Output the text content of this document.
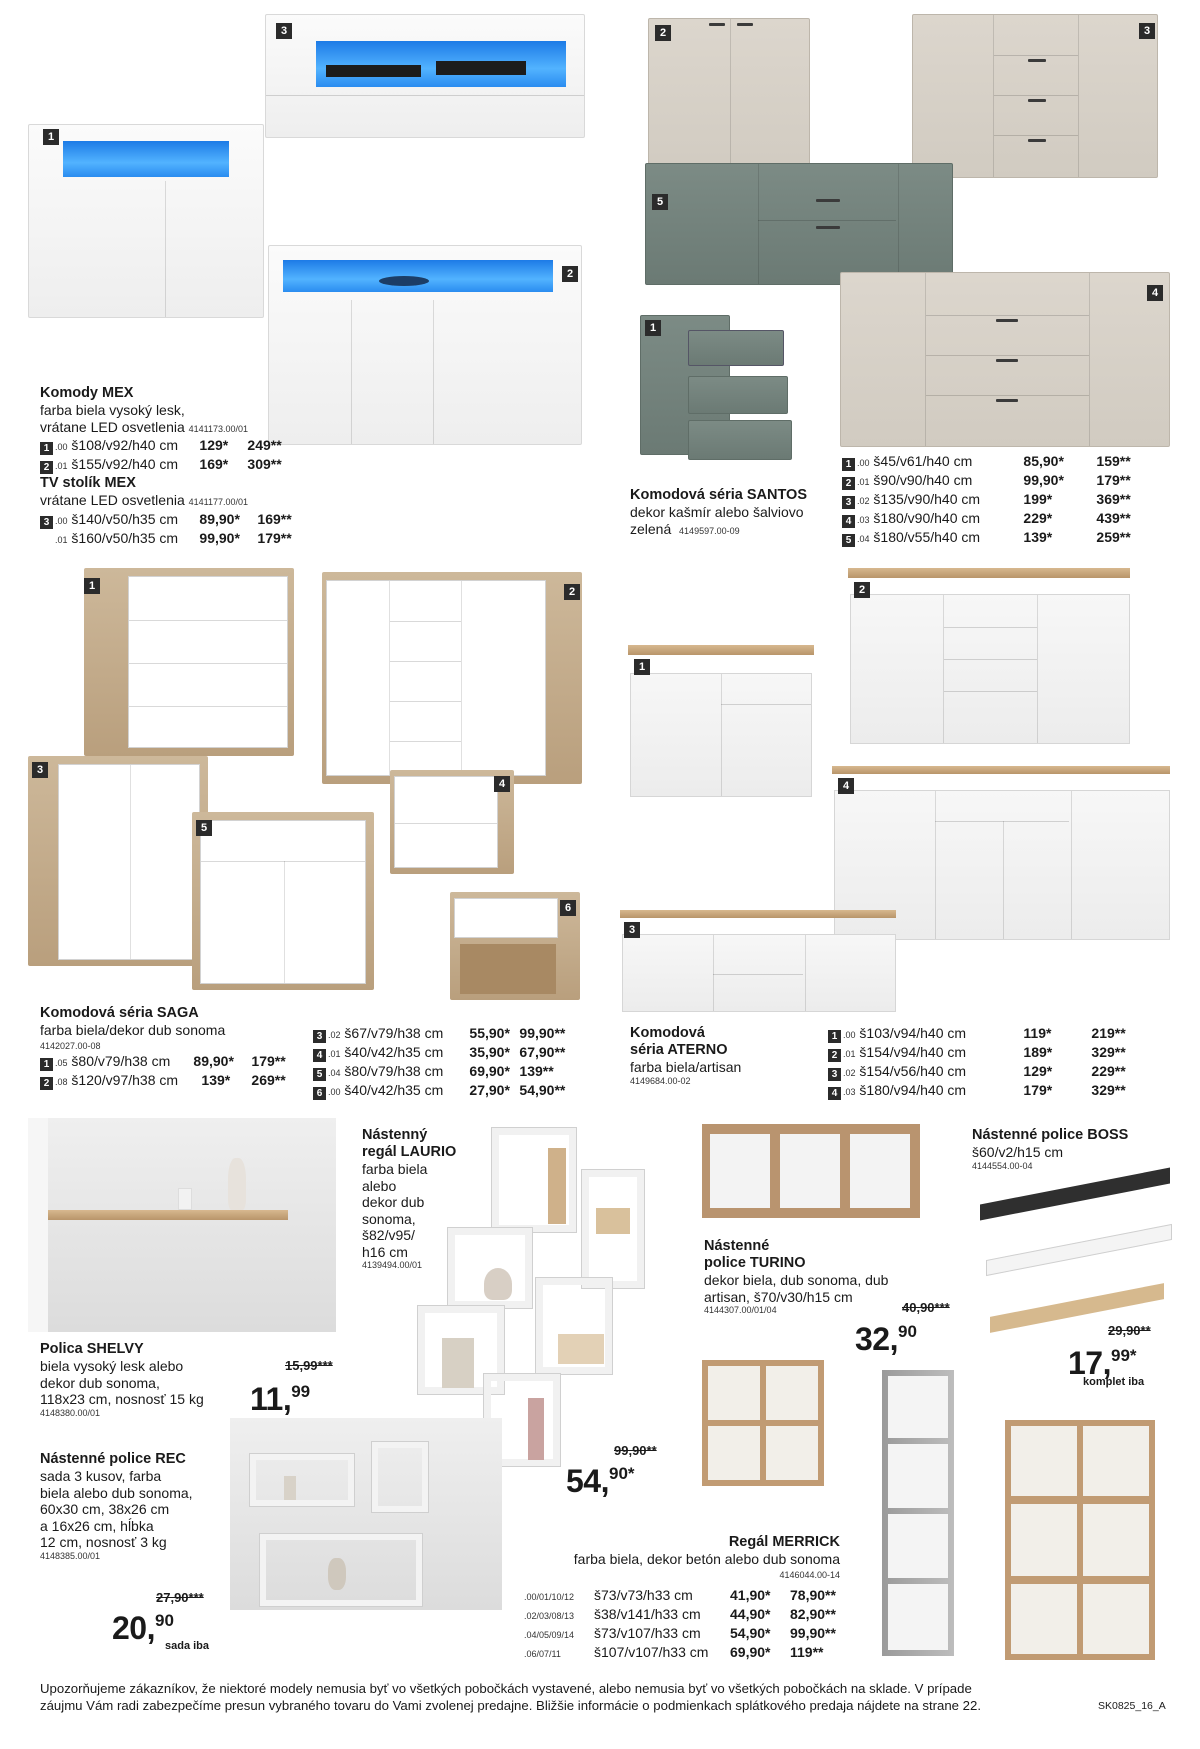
3
1
2
Komody MEX
farba biela vysoký lesk,
vrátane LED osvetlenia 4141173.00/01
1 .00 š108/v92/h40 cm 129* 249**
2 .01 š155/v92/h40 cm 169* 309**
TV stolík MEX
vrátane LED osvetlenia 4141177.00/01
3 .00 š140/v50/h35 cm 89,90* 169**
.01 š160/v50/h35 cm 99,90* 179**
2	3
5
1
4
Komodová séria SANTOS
dekor kašmír alebo šalviovo
zelená 4149597.00-09
1 .00 š45/v61/h40 cm	85,90* 159**
2 .01 š90/v90/h40 cm	99,90* 179**
3 .02 š135/v90/h40 cm	199*	369**
4 .03 š180/v90/h40 cm	229*	439**
5 .04 š180/v55/h40 cm	139*	259**
1	2
3
4
5
6
Komodová séria SAGA
farba biela/dekor dub sonoma
4142027.00-08
1 .05 š80/v79/h38 cm 89,90* 179**
2 .08 š120/v97/h38 cm 139* 269**
3 .02 š67/v79/h38 cm 55,90* 99,90**
4 .01 š40/v42/h35 cm 35,90* 67,90**
5 .04 š80/v79/h38 cm 69,90* 139**
6 .00 š40/v42/h35 cm 27,90* 54,90**
1
2
4
3
Komodová
séria ATERNO
farba biela/artisan
4149684.00-02
1 .00 š103/v94/h40 cm	119*	219**
2 .01 š154/v94/h40 cm	189*	329**
3 .02 š154/v56/h40 cm	129*	229**
4 .03 š180/v94/h40 cm	179*	329**
Polica SHELVY
biela vysoký lesk alebo
dekor dub sonoma,
118x23 cm, nosnosť 15 kg
4148380.00/01
15,99***
11,99
Nástenný
regál LAURIO
farba biela
alebo
dekor dub
sonoma,
š82/v95/
h16 cm
4139494.00/01
99,90**
54,$^{90*}$
Nástenné
police TURINO
dekor biela, dub sonoma, dub
artisan, š70/v30/h15 cm
4144307.00/01/04	40,90***
32,90
Nástenné police BOSS
š60/v2/h15 cm
4144554.00-04
29,90**
17,$^{99*}$
komplet iba
Nástenné police REC
sada 3 kusov, farba
biela alebo dub sonoma,
60x30 cm, 38x26 cm
a 16x26 cm, hĺbka
12 cm, nosnosť 3 kg
4148385.00/01
27,90***
20,90
sada iba
Regál MERRICK
farba biela, dekor betón alebo dub sonoma
4146044.00-14
.00/01/10/12 š73/v73/h33 cm	41,90* 78,90**
.02/03/08/13 š38/v141/h33 cm 44,90* 82,90**
.04/05/09/14 š73/v107/h33 cm 54,90* 99,90**
.06/07/11 š107/v107/h33 cm 69,90* 119**
Upozorňujeme zákazníkov, že niektoré modely nemusia byť vo všetkých pobočkách vystavené, alebo nemusia byť vo všetkých pobočkách na sklade. V prípade
záujmu Vám radi zabezpečíme presun vybraného tovaru do Vami zvolenej predajne. Bližšie informácie o podmienkach splátkového predaja nájdete na strane 22.	SK0825_16_A
